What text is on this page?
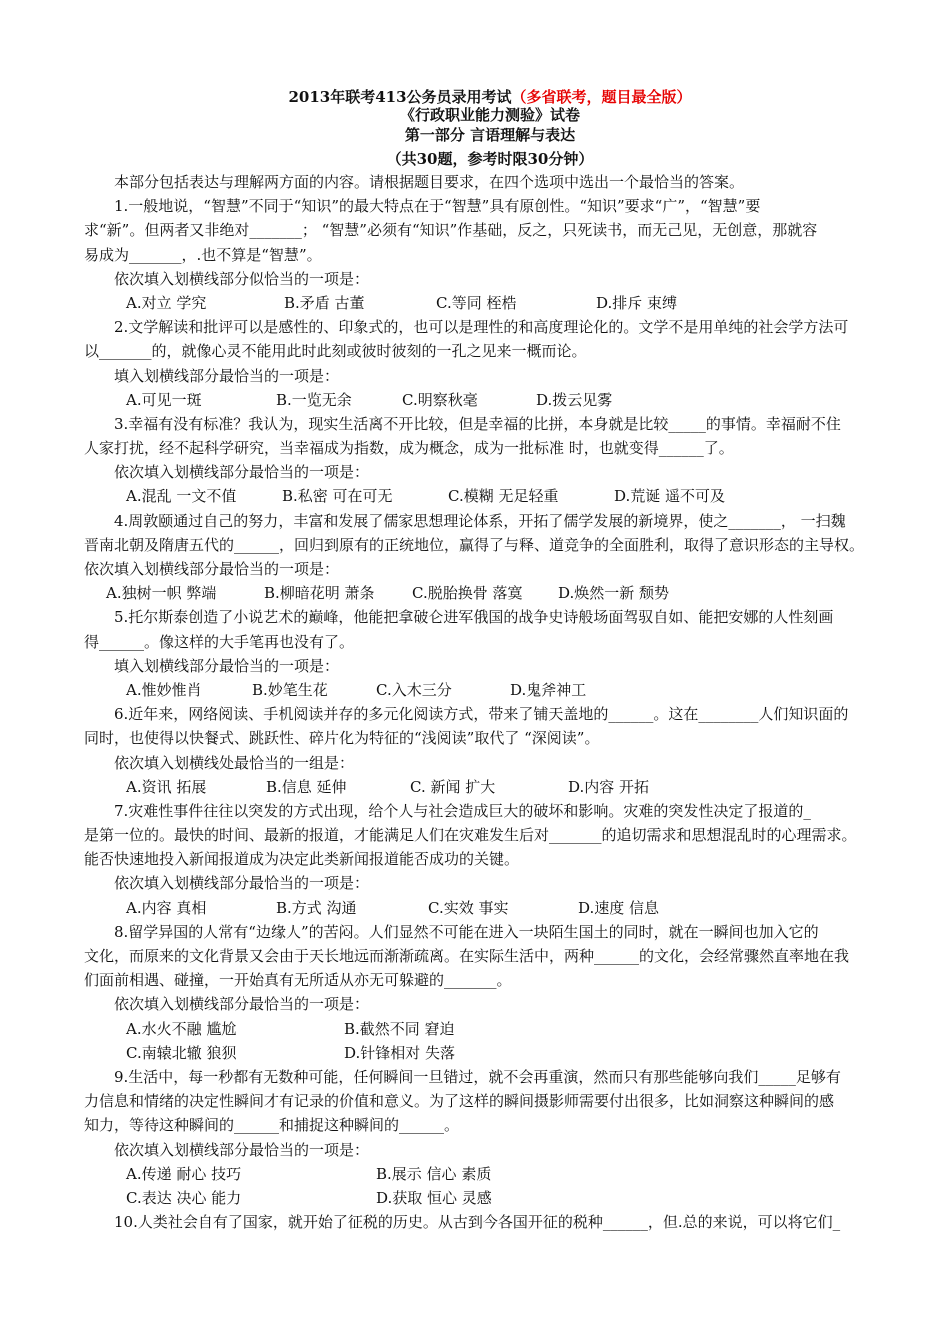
2013年联考413公务员录用考试（多省联考，题目最全版）
《行政职业能力测验》试卷
第一部分 言语理解与表达
（共30题，参考时限30分钟）
本部分包括表达与理解两方面的内容。请根据题目要求，在四个选项中选出一个最恰当的答案。
1.一般地说，“智慧”不同于“知识”的最大特点在于“智慧”具有原创性。“知识”要求“广”，“智慧”要
求“新”。但两者又非绝对_______； “智慧”必须有“知识”作基础，反之，只死读书，而无己见，无创意，那就容
易成为_______，.也不算是“智慧”。
依次填入划横线部分似恰当的一项是：
A.对立 学究	B.矛盾 古董	C.等同 桎梏	D.排斥 束缚
2.文学解读和批评可以是感性的、印象式的，也可以是理性的和高度理论化的。文学不是用单纯的社会学方法可
以_______的，就像心灵不能用此时此刻或彼时彼刻的一孔之见来一概而论。
填入划横线部分最恰当的一项是：
A.可见一斑	B.一览无余	C.明察秋毫	D.拨云见雾
3.幸福有没有标准？我认为，现实生活离不开比较，但是幸福的比拼，本身就是比较_____的事情。幸福耐不住
人家打扰，经不起科学研究，当幸福成为指数，成为概念，成为一批标准 时，也就变得______了。
依次填入划横线部分最恰当的一项是：
A.混乱 一文不值	B.私密 可在可无	C.模糊 无足轻重	D.荒诞 遥不可及
4.周敦颐通过自己的努力，丰富和发展了儒家思想理论体系，开拓了儒学发展的新境界，使之_______， 一扫魏
晋南北朝及隋唐五代的______，回归到原有的正统地位，赢得了与释、道竞争的全面胜利，取得了意识形态的主导权。
依次填入划横线部分最恰当的一项是：
A.独树一帜 弊端	B.柳暗花明 萧条	C.脱胎换骨 落寞	D.焕然一新 颓势
5.托尔斯泰创造了小说艺术的巅峰，他能把拿破仑进军俄国的战争史诗般场面驾驭自如、能把安娜的人性刻画
得______。像这样的大手笔再也没有了。
填入划横线部分最恰当的一项是：
A.惟妙惟肖	B.妙笔生花	C.入木三分	D.鬼斧神工
6.近年来，网络阅读、手机阅读并存的多元化阅读方式，带来了铺天盖地的______。这在________人们知识面的
同时，也使得以快餐式、跳跃性、碎片化为特征的“浅阅读”取代了 “深阅读”。
依次填入划横线处最恰当的一组是：
A.资讯 拓展	B.信息 延伸	C. 新闻 扩大	D.内容 开拓
7.灾难性事件往往以突发的方式出现，给个人与社会造成巨大的破坏和影响。灾难的突发性决定了报道的_
是第一位的。最快的时间、最新的报道，才能满足人们在灾难发生后对_______的追切需求和思想混乱时的心理需求。
能否快速地投入新闻报道成为决定此类新闻报道能否成功的关键。
依次填入划横线部分最恰当的一项是：
A.内容 真相	B.方式 沟通	C.实效 事实	D.速度 信息
8.留学异国的人常有“边缘人”的苦闷。人们显然不可能在进入一块陌生国土的同时，就在一瞬间也加入它的
文化，而原来的文化背景又会由于天长地远而渐渐疏离。在实际生活中，两种______的文化，会经常骤然直率地在我
们面前相遇、碰撞，一开始真有无所适从亦无可躲避的_______。
依次填入划横线部分最恰当的一项是：
A.水火不融 尴尬	B.截然不同 窘迫
C.南辕北辙 狼狈	D.针锋相对 失落
9.生活中，每一秒都有无数种可能，任何瞬间一旦错过，就不会再重演，然而只有那些能够向我们_____足够有
力信息和情绪的决定性瞬间才有记录的价值和意义。为了这样的瞬间摄影师需要付出很多，比如洞察这种瞬间的感
知力，等待这种瞬间的______和捕捉这种瞬间的______。
依次填入划横线部分最恰当的一项是：
A.传递 耐心 技巧	B.展示 信心 素质
C.表达 决心 能力	D.获取 恒心 灵感
10.人类社会自有了国家，就开始了征税的历史。从古到今各国开征的税种______，但.总的来说，可以将它们_
